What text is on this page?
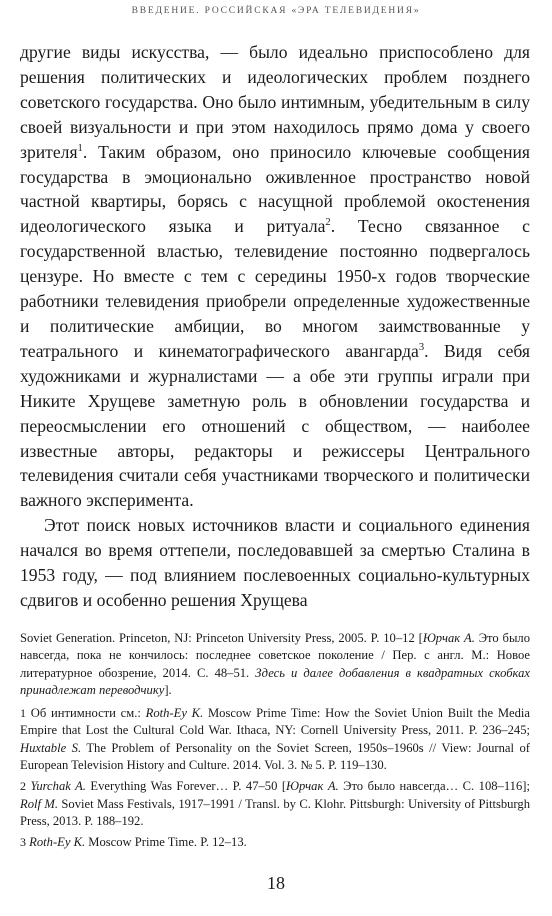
ВВЕДЕНИЕ. РОССИЙСКАЯ «ЭРА ТЕЛЕВИДЕНИЯ»

другие виды искусства, — было идеально приспособлено для решения политических и идеологических проблем позднего советского государства. Оно было интимным, убедительным в силу своей визуальности и при этом находилось прямо дома у своего зрителя$^1$. Таким образом, оно приносило ключевые сообщения государства в эмоционально оживленное пространство новой частной квартиры, борясь с насущной проблемой окостенения идеологического языка и ритуала$^2$. Тесно связанное с государственной властью, телевидение постоянно подвергалось цензуре. Но вместе с тем с середины 1950-х годов творческие работники телевидения приобрели определенные художественные и политические амбиции, во многом заимствованные у театрального и кинематографического авангарда$^3$. Видя себя художниками и журналистами — а обе эти группы играли при Никите Хрущеве заметную роль в обновлении государства и переосмыслении его отношений с обществом, — наиболее известные авторы, редакторы и режиссеры Центрального телевидения считали себя участниками творческого и политически важного эксперимента.

Этот поиск новых источников власти и социального единения начался во время оттепели, последовавшей за смертью Сталина в 1953 году, — под влиянием послевоенных социально-культурных сдвигов и особенно решения Хрущева

Soviet Generation. Princeton, NJ: Princeton University Press, 2005. P. 10–12 [Юрчак А. Это было навсегда, пока не кончилось: последнее советское поколение / Пер. с англ. М.: Новое литературное обозрение, 2014. С. 48–51. Здесь и далее добавления в квадратных скобках принадлежат переводчику].

1 Об интимности см.: Roth-Ey K. Moscow Prime Time: How the Soviet Union Built the Media Empire that Lost the Cultural Cold War. Ithaca, NY: Cornell University Press, 2011. P. 236–245; Huxtable S. The Problem of Personality on the Soviet Screen, 1950s–1960s // View: Journal of European Television History and Culture. 2014. Vol. 3. № 5. P. 119–130.

2 Yurchak A. Everything Was Forever… P. 47–50 [Юрчак А. Это было навсегда… С. 108–116]; Rolf M. Soviet Mass Festivals, 1917–1991 / Transl. by C. Klohr. Pittsburgh: University of Pittsburgh Press, 2013. P. 188–192.

3 Roth-Ey K. Moscow Prime Time. P. 12–13.

18
